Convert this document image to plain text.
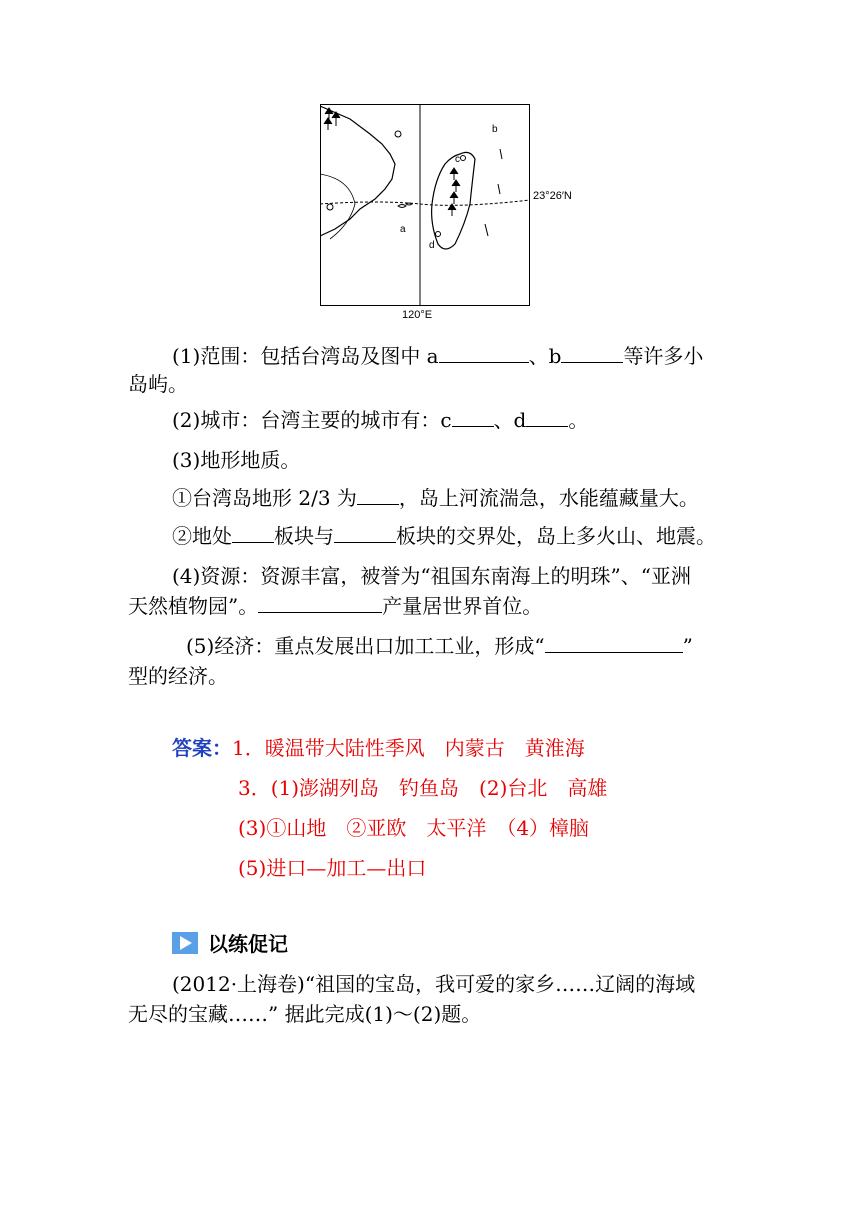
a
b
c
d
120°E
23°26′N
(1)范围：包括台湾岛及图中 a	、b	等许多小
岛屿。
(2)城市：台湾主要的城市有：c 、d 。
(3)地形地质。
①台湾岛地形 2/3 为 ，岛上河流湍急，水能蕴藏量大。
②地处 板块与	板块的交界处，岛上多火山、地震。
(4)资源：资源丰富，被誉为“祖国东南海上的明珠”、“亚洲
天然植物园”。	产量居世界首位。
(5)经济：重点发展出口加工工业，形成“	”
型的经济。
答案：1．暖温带大陆性季风　内蒙古　黄淮海
3．(1)澎湖列岛　钓鱼岛　(2)台北　高雄
(3)①山地　②亚欧　太平洋　（4）樟脑
(5)进口—加工—出口
以练促记
(2012·上海卷)“祖国的宝岛，我可爱的家乡……辽阔的海域
无尽的宝藏……” 据此完成(1)～(2)题。
